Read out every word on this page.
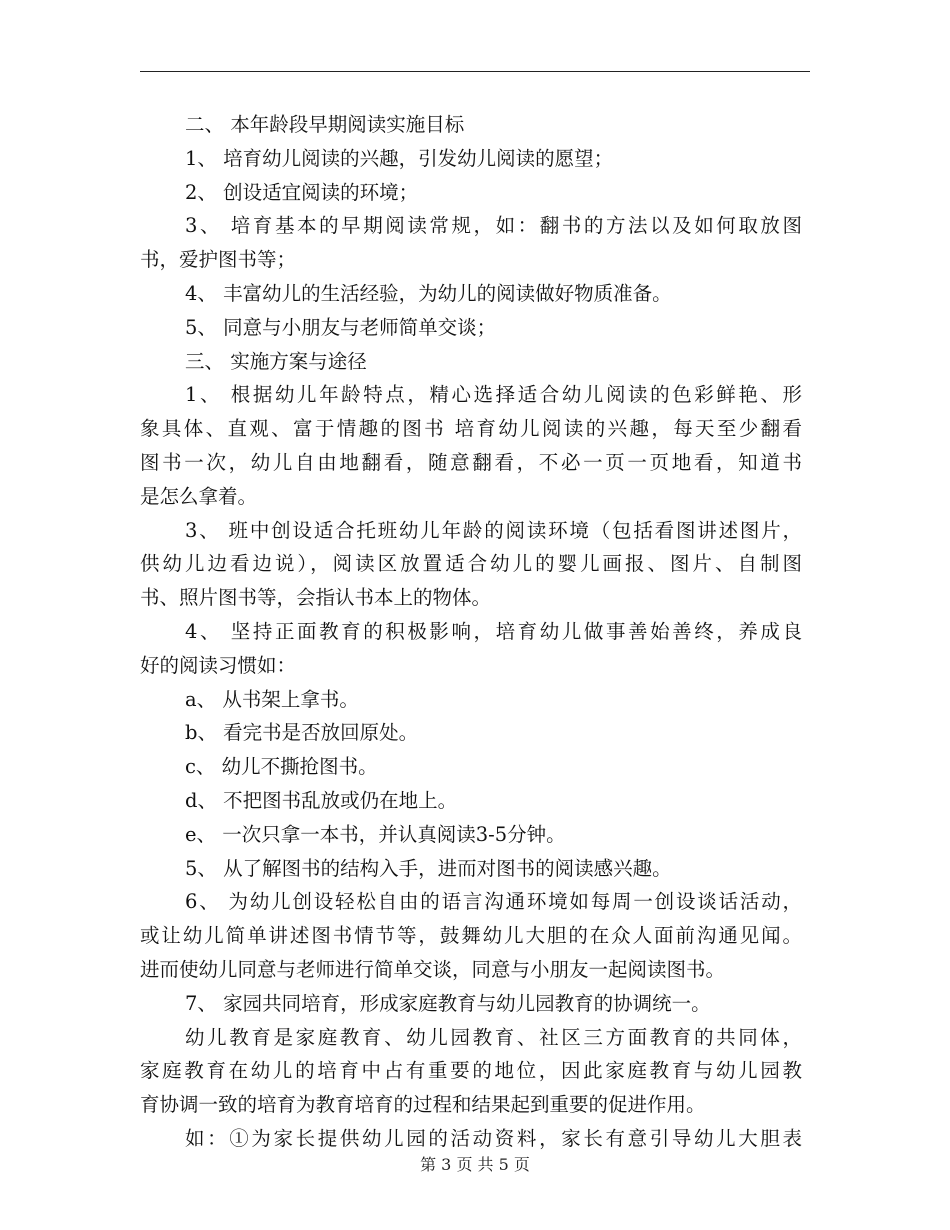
二、 本年龄段早期阅读实施目标
1、 培育幼儿阅读的兴趣，引发幼儿阅读的愿望；
2、 创设适宜阅读的环境；
3、 培育基本的早期阅读常规，如：翻书的方法以及如何取放图
书，爱护图书等；
4、 丰富幼儿的生活经验，为幼儿的阅读做好物质准备。
5、 同意与小朋友与老师简单交谈；
三、 实施方案与途径
1、 根据幼儿年龄特点，精心选择适合幼儿阅读的色彩鲜艳、形
象具体、直观、富于情趣的图书 培育幼儿阅读的兴趣，每天至少翻看
图书一次，幼儿自由地翻看，随意翻看，不必一页一页地看，知道书
是怎么拿着。
3、 班中创设适合托班幼儿年龄的阅读环境（包括看图讲述图片，
供幼儿边看边说），阅读区放置适合幼儿的婴儿画报、图片、自制图
书、照片图书等，会指认书本上的物体。
4、 坚持正面教育的积极影响，培育幼儿做事善始善终，养成良
好的阅读习惯如：
a、 从书架上拿书。
b、 看完书是否放回原处。
c、 幼儿不撕抢图书。
d、 不把图书乱放或仍在地上。
e、 一次只拿一本书，并认真阅读3-5分钟。
5、 从了解图书的结构入手，进而对图书的阅读感兴趣。
6、 为幼儿创设轻松自由的语言沟通环境如每周一创设谈话活动，
或让幼儿简单讲述图书情节等，鼓舞幼儿大胆的在众人面前沟通见闻。
进而使幼儿同意与老师进行简单交谈，同意与小朋友一起阅读图书。
7、 家园共同培育，形成家庭教育与幼儿园教育的协调统一。
幼儿教育是家庭教育、幼儿园教育、社区三方面教育的共同体，
家庭教育在幼儿的培育中占有重要的地位，因此家庭教育与幼儿园教
育协调一致的培育为教育培育的过程和结果起到重要的促进作用。
如：①为家长提供幼儿园的活动资料，家长有意引导幼儿大胆表
第 3 页 共 5 页
